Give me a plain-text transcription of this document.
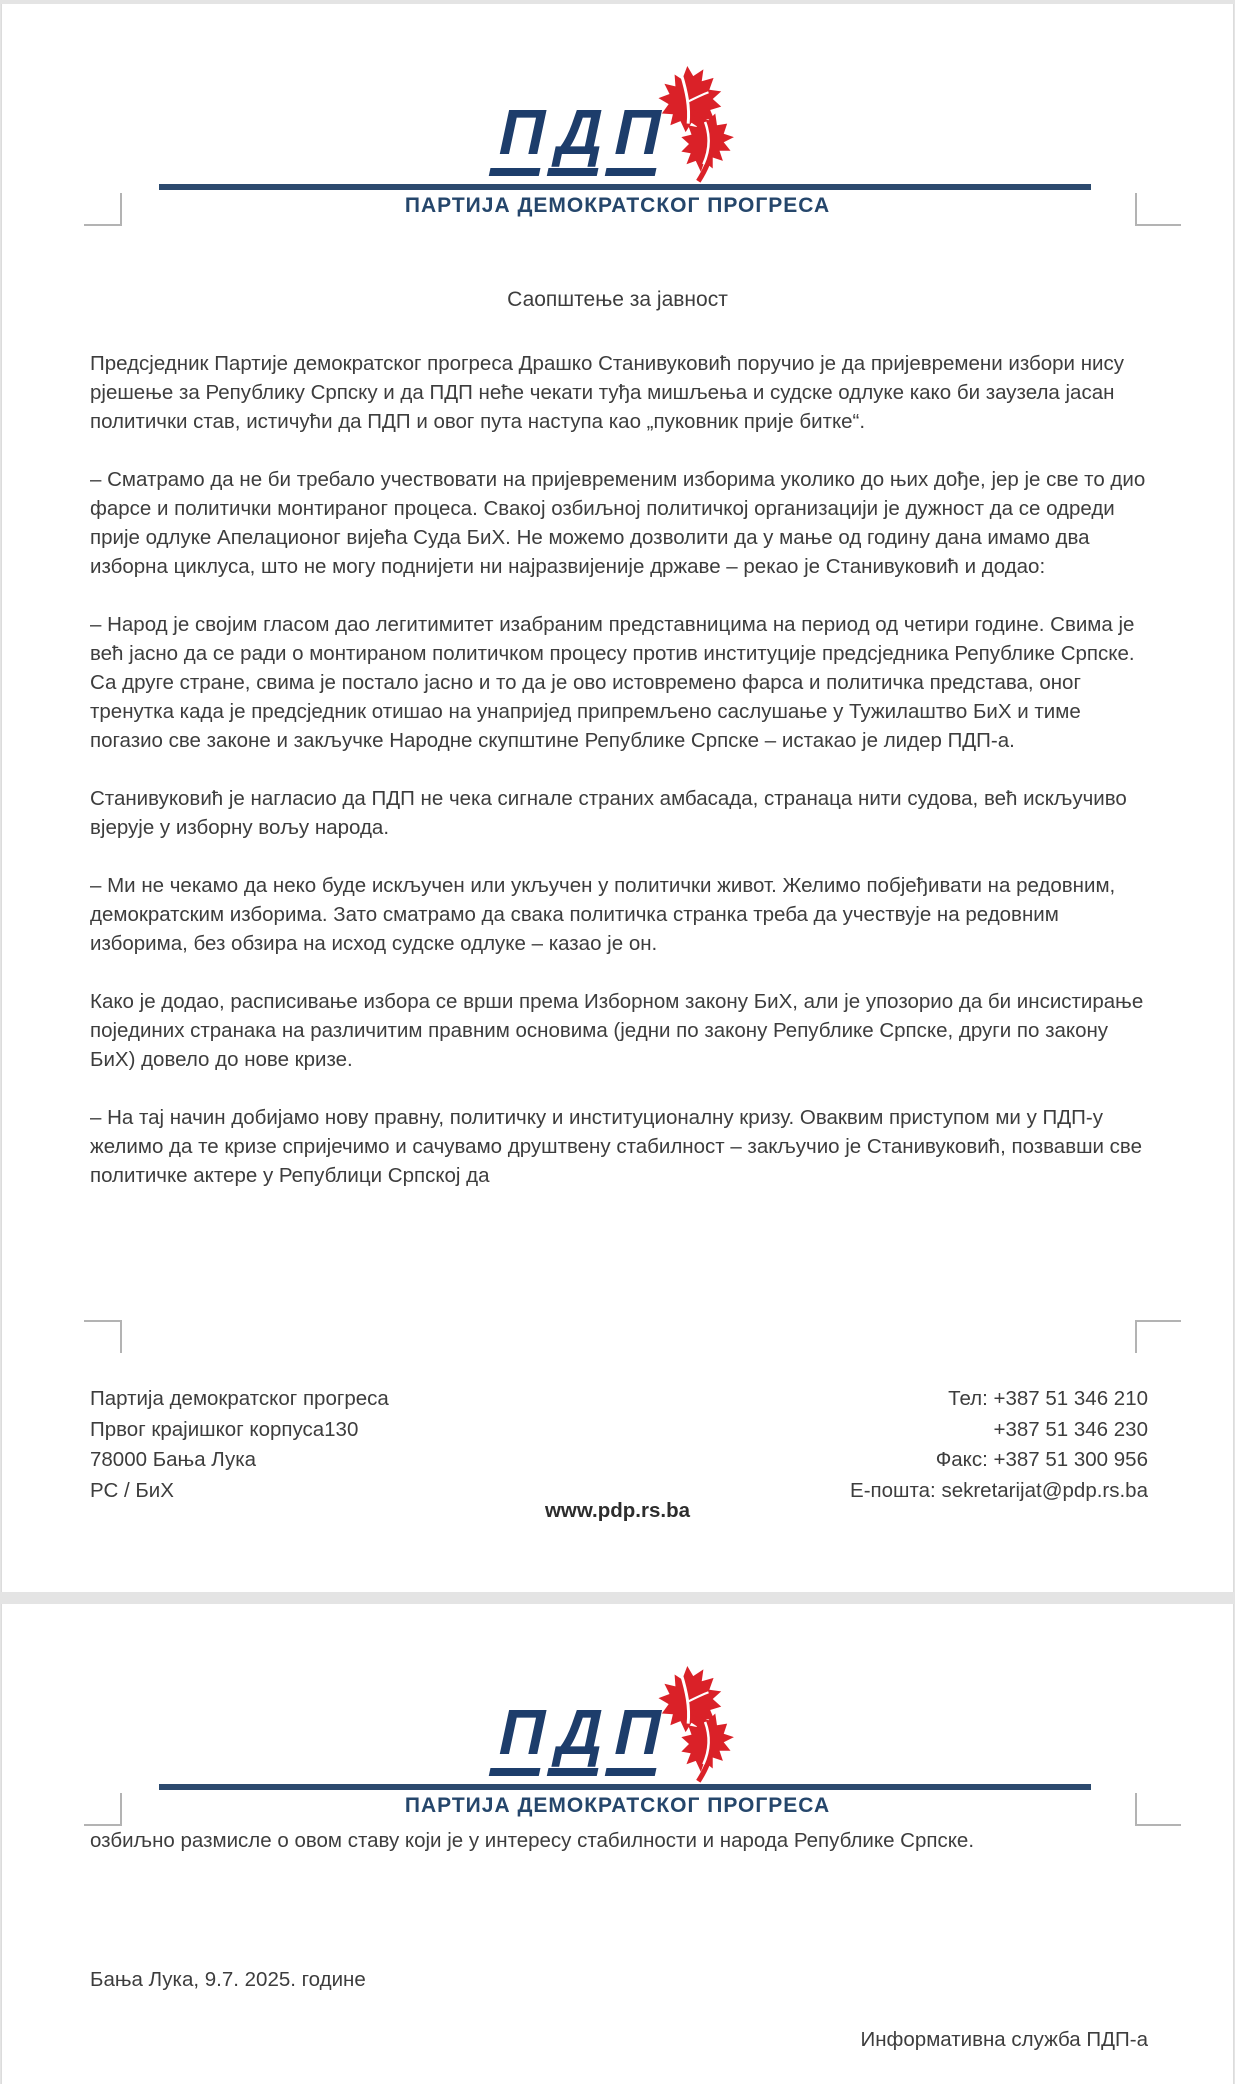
П
Д
П
ПАРТИЈА ДЕМОКРАТСКОГ ПРОГРЕСА
Саопштење за јавност

Предсједник Партије демократског прогреса Драшко Станивуковић поручио је да пријевремени избори нису рјешење за Републику Српску и да ПДП неће чекати туђа мишљења и судске одлуке како би заузела јасан политички став, истичући да ПДП и овог пута наступа као „пуковник прије битке“.

– Сматрамо да не би требало учествовати на пријевременим изборима уколико до њих дође, јер је све то дио фарсе и политички монтираног процеса. Свакој озбиљној политичкој организацији је дужност да се одреди прије одлуке Апелационог вијећа Суда БиХ. Не можемо дозволити да у мање од годину дана имамо два изборна циклуса, што не могу поднијети ни најразвијеније државе – рекао је Станивуковић и додао:

– Народ је својим гласом дао легитимитет изабраним представницима на период од четири године. Свима је већ јасно да се ради о монтираном политичком процесу против институције предсједника Републике Српске. Са друге стране, свима је постало јасно и то да је ово истовремено фарса и политичка представа, оног тренутка када је предсједник отишао на унапријед припремљено саслушање у Тужилаштво БиХ и тиме погазио све законе и закључке Народне скупштине Републике Српске – истакао је лидер ПДП-а.

Станивуковић је нагласио да ПДП не чека сигнале страних амбасада, странаца нити судова, већ искључиво вјерује у изборну вољу народа.

– Ми не чекамо да неко буде искључен или укључен у политички живот. Желимо побјеђивати на редовним, демократским изборима. Зато сматрамо да свака политичка странка треба да учествује на редовним изборима, без обзира на исход судске одлуке – казао је он.

Како је додао, расписивање избора се врши према Изборном закону БиХ, али је упозорио да би инсистирање појединих странака на различитим правним основима (једни по закону Републике Српске, други по закону БиХ) довело до нове кризе.

– На тај начин добијамо нову правну, политичку и институционалну кризу. Оваквим приступом ми у ПДП-у желимо да те кризе спријечимо и сачувамо друштвену стабилност – закључио је Станивуковић, позвавши све политичке актере у Републици Српској да

Партија демократског прогреса
Првог крајишког корпуса130
78000 Бања Лука
РС / БиХ
Тел: +387 51 346 210
+387 51 346 230
Факс: +387 51 300 956
Е-пошта: sekretarijat@pdp.rs.ba
www.pdp.rs.ba
П
Д
П
ПАРТИЈА ДЕМОКРАТСКОГ ПРОГРЕСА
озбиљно размисле о овом ставу који је у интересу стабилности и народа Републике Српске.
Бања Лука, 9.7. 2025. године
Информативна служба ПДП-а
